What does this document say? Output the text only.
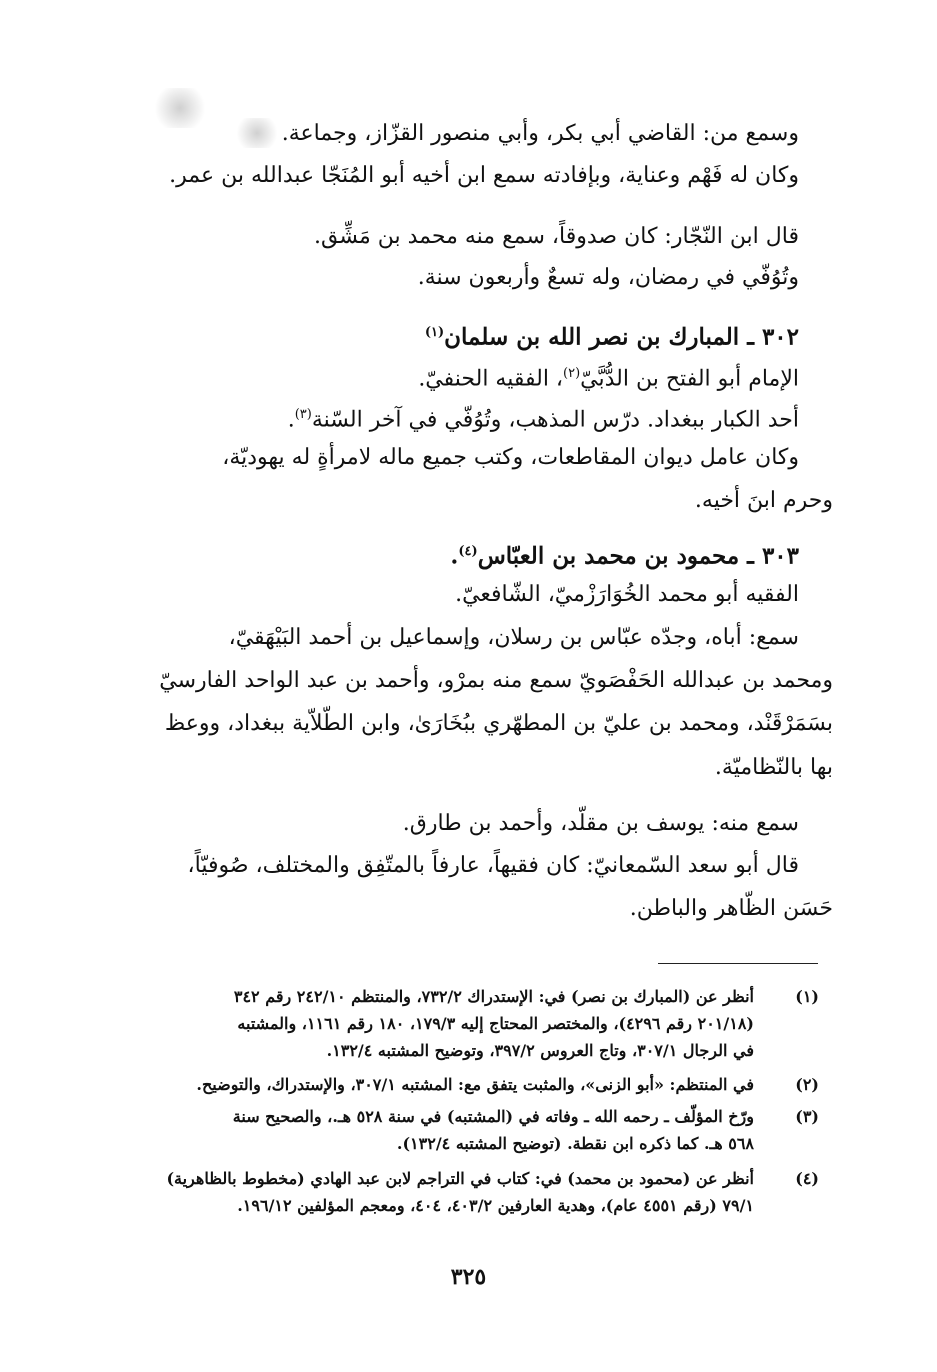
وسمع من: القاضي أبي بكر، وأبي منصور القزّاز، وجماعة.
وكان له فَهْم وعناية، وبإفادته سمع ابن أخيه أبو المُنَجّا عبدالله بن عمر.
قال ابن النّجّار: كان صدوقاً، سمع منه محمد بن مَشِّق.
وتُوُفّي في رمضان، وله تسعٌ وأربعون سنة.
٣٠٢ ـ المبارك بن نصر الله بن سلمان$^{(١)}$
الإمام أبو الفتح بن الدُّبَّيّ$^{(٢)}$، الفقيه الحنفيّ.
أحد الكبار ببغداد. درّس المذهب، وتُوُفّي في آخر السّنة$^{(٣)}$.
وكان عامل ديوان المقاطعات، وكتب جميع ماله لامرأةٍ له يهوديّة،
وحرم ابنَ أخيه.
٣٠٣ ـ محمود بن محمد بن العبّاس$^{(٤)}$.
الفقيه أبو محمد الخُوَارَزْميّ، الشّافعيّ.
سمع: أباه، وجدّه عبّاس بن رسلان، وإسماعيل بن أحمد البَيْهَقيّ،
ومحمد بن عبدالله الحَفْصَويّ سمع منه بمرْو، وأحمد بن عبد الواحد الفارسيّ
بسَمَرْقَنْد، ومحمد بن عليّ بن المطهّري ببُخَارَىٰ، وابن الطّلاّية ببغداد، ووعظ
بها بالنّظاميّة.
سمع منه: يوسف بن مقلّد، وأحمد بن طارق.
قال أبو سعد السّمعانيّ: كان فقيهاً، عارفاً بالمتّفِق والمختلف، صُوفيّاً،
حَسَن الظّاهر والباطن.
(١)
أنظر عن (المبارك بن نصر) في: الإستدراك ٧٣٢/٢، والمنتظم ٢٤٢/١٠ رقم ٣٤٢
(٢٠١/١٨ رقم ٤٢٩٦)، والمختصر المحتاج إليه ١٧٩/٣، ١٨٠ رقم ١١٦١، والمشتبه
في الرجال ٣٠٧/١، وتاج العروس ٣٩٧/٢، وتوضيح المشتبه ١٣٢/٤.
(٢)
في المنتظم: «أبو الزنى»، والمثبت يتفق مع: المشتبه ٣٠٧/١، والإستدراك، والتوضيح.
(٣)
ورّخ المؤلّف ـ رحمه الله ـ وفاته في (المشتبه) في سنة ٥٢٨ هـ.، والصحيح سنة
٥٦٨ هـ. كما ذكره ابن نقطة. (توضيح المشتبه ١٣٢/٤).
(٤)
أنظر عن (محمود بن محمد) في: كتاب في التراجم لابن عبد الهادي (مخطوط بالظاهرية)
٧٩/١ (رقم ٤٥٥١ عام)، وهدية العارفين ٤٠٣/٢، ٤٠٤، ومعجم المؤلفين ١٩٦/١٢.
٣٢٥
